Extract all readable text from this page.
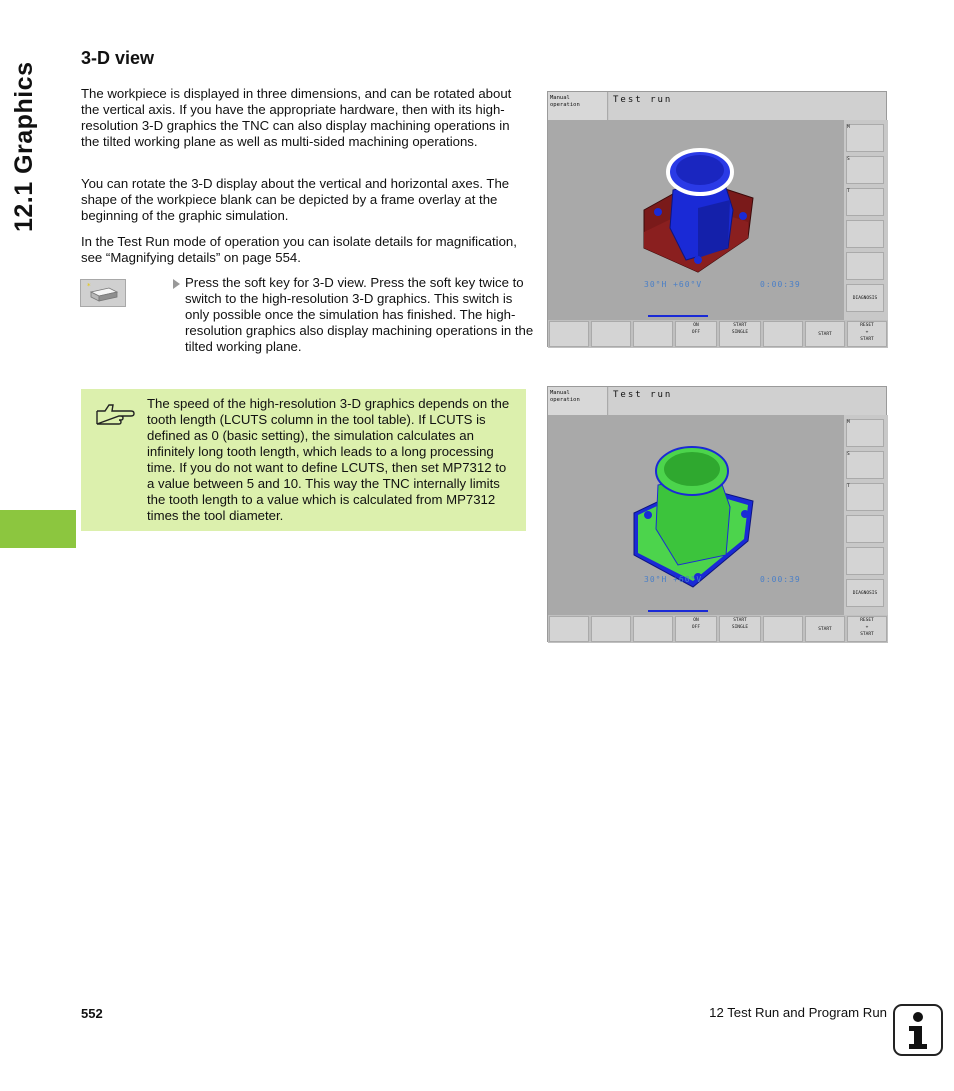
12.1 Graphics
3-D view

The workpiece is displayed in three dimensions, and can be rotated about the vertical axis. If you have the appropriate hardware, then with its high-resolution 3-D graphics the TNC can also display machining operations in the tilted working plane as well as multi-sided machining operations.

You can rotate the 3-D display about the vertical and horizontal axes. The shape of the workpiece blank can be depicted by a frame overlay at the beginning of the graphic simulation.

In the Test Run mode of operation you can isolate details for magnification, see “Magnifying details” on page 554.

*	Press the soft key for 3-D view. Press the soft key twice to switch to the high-resolution 3-D graphics. This switch is only possible once the simulation has finished. The high-resolution graphics also display machining operations in the tilted working plane.
The speed of the high-resolution 3-D graphics depends on the tooth length (LCUTS column in the tool table). If LCUTS is defined as 0 (basic setting), the simulation calculates an infinitely long tooth length, which leads to a long processing time. If you do not want to define LCUTS, then set MP7312 to a value between 5 and 10. This way the TNC internally limits the tooth length to a value which is calculated from MP7312 times the tool diameter.
Manual
operation	Test run
30°H +60°V	0:00:39
M
S
T
DIAGNOSIS
ON
OFF
START
SINGLE	START
RESET
+
START
Manual
operation	Test run
30°H +60°V	0:00:39
M
S
T
DIAGNOSIS
ON
OFF
START
SINGLE	START
RESET
+
START
552	12 Test Run and Program Run
